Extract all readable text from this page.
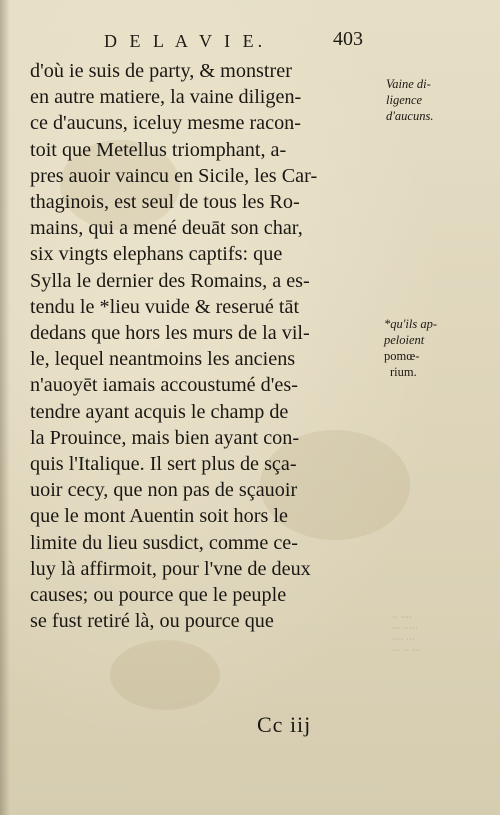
··· ·· ···
···· ···
··· ·····
·· ····
D E L A V I E.	403
d'où ie suis de party, & monstrer
en autre matiere, la vaine diligen-
ce d'aucuns, iceluy mesme racon-
toit que Metellus triomphant, a-
pres auoir vaincu en Sicile, les Car-
thaginois, est seul de tous les Ro-
mains, qui a mené deuāt son char,
six vingts elephans captifs: que
Sylla le dernier des Romains, a es-
tendu le *lieu vuide & reserué tāt
dedans que hors les murs de la vil-
le, lequel neantmoins les anciens
n'auoyēt iamais accoustumé d'es-
tendre ayant acquis le champ de
la Prouince, mais bien ayant con-
quis l'Italique. Il sert plus de sça-
uoir cecy, que non pas de sçauoir
que le mont Auentin soit hors le
limite du lieu susdict, comme ce-
luy là affirmoit, pour l'vne de deux
causes; ou pource que le peuple
se fust retiré là, ou pource que
Vaine di-
ligence
d'aucuns.
*qu'ils ap-
peloient
pomœ-
rium.
Cc iij
